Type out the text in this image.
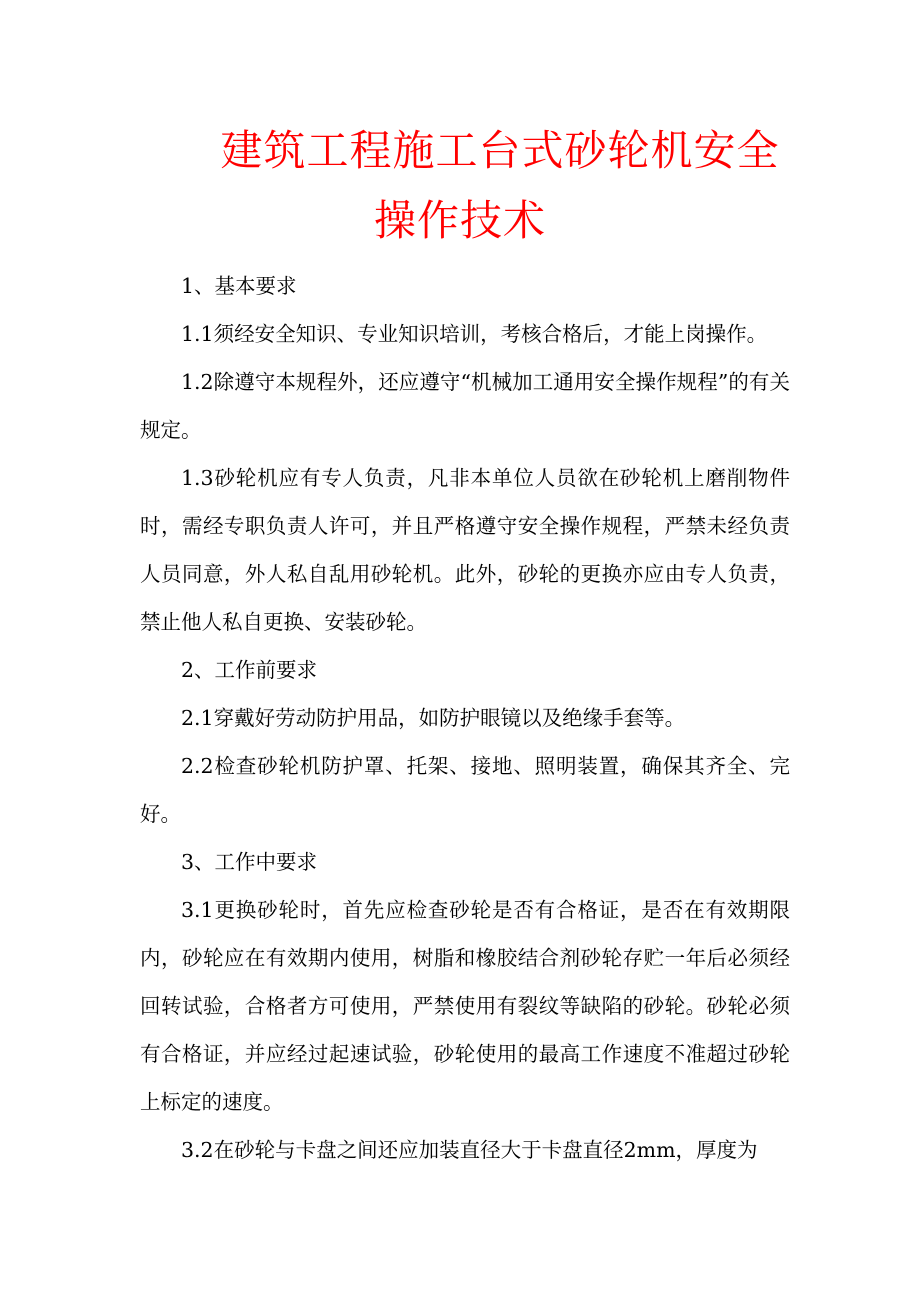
建筑工程施工台式砂轮机安全
操作技术

1、基本要求

1.1须经安全知识、专业知识培训，考核合格后，才能上岗操作。

1.2除遵守本规程外，还应遵守“机械加工通用安全操作规程”的有关规定。

1.3砂轮机应有专人负责，凡非本单位人员欲在砂轮机上磨削物件时，需经专职负责人许可，并且严格遵守安全操作规程，严禁未经负责人员同意，外人私自乱用砂轮机。此外，砂轮的更换亦应由专人负责，禁止他人私自更换、安装砂轮。

2、工作前要求

2.1穿戴好劳动防护用品，如防护眼镜以及绝缘手套等。

2.2检查砂轮机防护罩、托架、接地、照明装置，确保其齐全、完好。

3、工作中要求

3.1更换砂轮时，首先应检查砂轮是否有合格证，是否在有效期限内，砂轮应在有效期内使用，树脂和橡胶结合剂砂轮存贮一年后必须经回转试验，合格者方可使用，严禁使用有裂纹等缺陷的砂轮。砂轮必须有合格证，并应经过起速试验，砂轮使用的最高工作速度不准超过砂轮上标定的速度。

3.2在砂轮与卡盘之间还应加装直径大于卡盘直径2mm，厚度为
